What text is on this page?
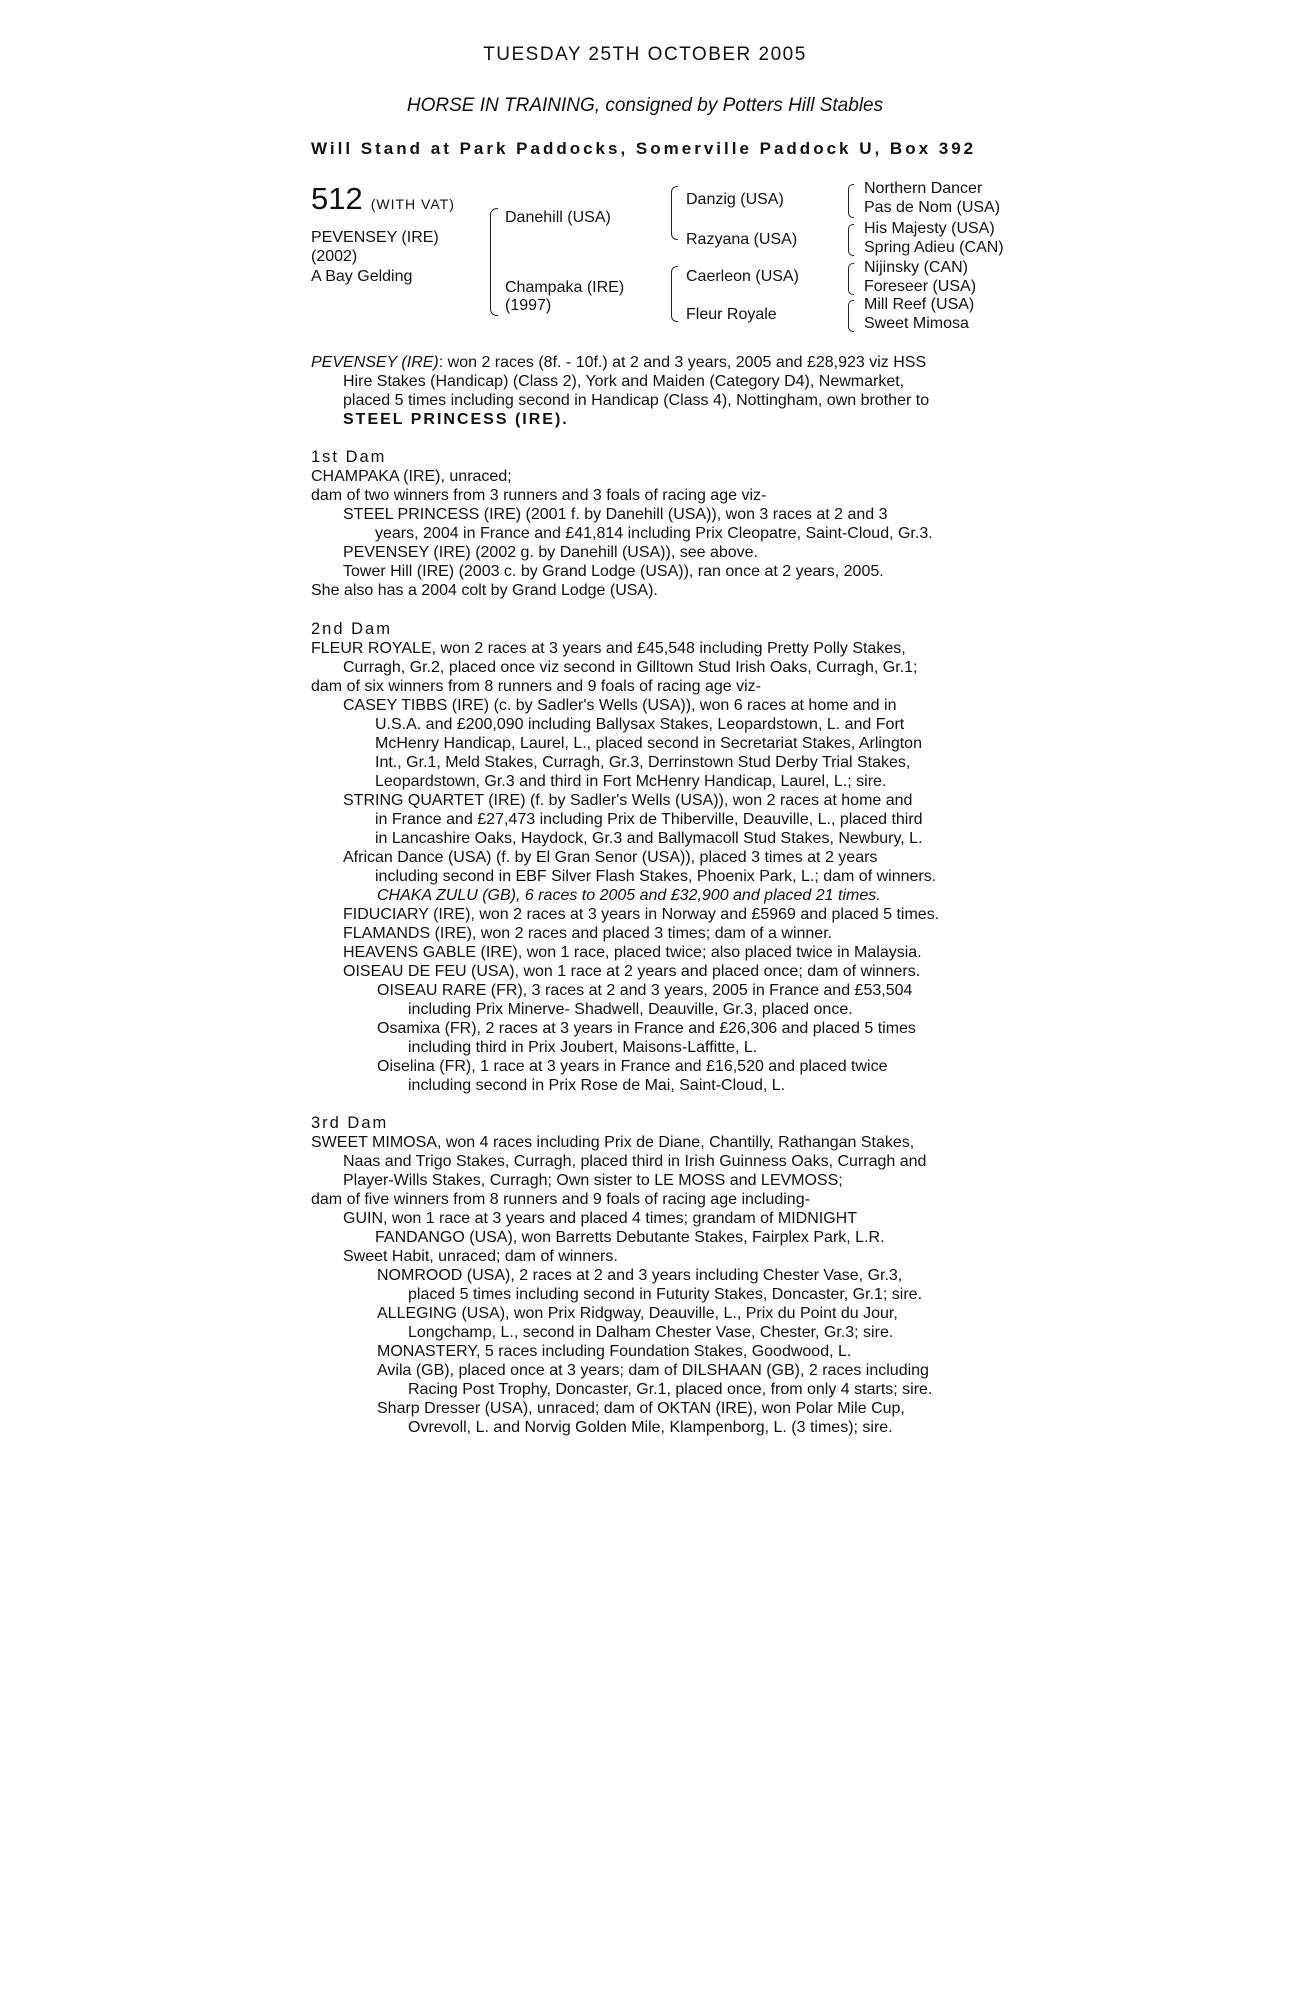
TUESDAY 25TH OCTOBER 2005
HORSE IN TRAINING, consigned by Potters Hill Stables
Will Stand at Park Paddocks, Somerville Paddock U, Box 392
512 (WITH VAT)
PEVENSEY (IRE)
(2002)
A Bay Gelding
Danehill (USA)
Champaka (IRE)
(1997)
Danzig (USA)
Razyana (USA)
Caerleon (USA)
Fleur Royale
Northern Dancer
Pas de Nom (USA)
His Majesty (USA)
Spring Adieu (CAN)
Nijinsky (CAN)
Foreseer (USA)
Mill Reef (USA)
Sweet Mimosa
PEVENSEY (IRE): won 2 races (8f. - 10f.) at 2 and 3 years, 2005 and £28,923 viz HSS
Hire Stakes (Handicap) (Class 2), York and Maiden (Category D4), Newmarket,
placed 5 times including second in Handicap (Class 4), Nottingham, own brother to
STEEL PRINCESS (IRE).
1st Dam
CHAMPAKA (IRE), unraced;
dam of two winners from 3 runners and 3 foals of racing age viz-
STEEL PRINCESS (IRE) (2001 f. by Danehill (USA)), won 3 races at 2 and 3
years, 2004 in France and £41,814 including Prix Cleopatre, Saint-Cloud, Gr.3.
PEVENSEY (IRE) (2002 g. by Danehill (USA)), see above.
Tower Hill (IRE) (2003 c. by Grand Lodge (USA)), ran once at 2 years, 2005.
She also has a 2004 colt by Grand Lodge (USA).
2nd Dam
FLEUR ROYALE, won 2 races at 3 years and £45,548 including Pretty Polly Stakes,
Curragh, Gr.2, placed once viz second in Gilltown Stud Irish Oaks, Curragh, Gr.1;
dam of six winners from 8 runners and 9 foals of racing age viz-
CASEY TIBBS (IRE) (c. by Sadler's Wells (USA)), won 6 races at home and in
U.S.A. and £200,090 including Ballysax Stakes, Leopardstown, L. and Fort
McHenry Handicap, Laurel, L., placed second in Secretariat Stakes, Arlington
Int., Gr.1, Meld Stakes, Curragh, Gr.3, Derrinstown Stud Derby Trial Stakes,
Leopardstown, Gr.3 and third in Fort McHenry Handicap, Laurel, L.; sire.
STRING QUARTET (IRE) (f. by Sadler's Wells (USA)), won 2 races at home and
in France and £27,473 including Prix de Thiberville, Deauville, L., placed third
in Lancashire Oaks, Haydock, Gr.3 and Ballymacoll Stud Stakes, Newbury, L.
African Dance (USA) (f. by El Gran Senor (USA)), placed 3 times at 2 years
including second in EBF Silver Flash Stakes, Phoenix Park, L.; dam of winners.
CHAKA ZULU (GB), 6 races to 2005 and £32,900 and placed 21 times.
FIDUCIARY (IRE), won 2 races at 3 years in Norway and £5969 and placed 5 times.
FLAMANDS (IRE), won 2 races and placed 3 times; dam of a winner.
HEAVENS GABLE (IRE), won 1 race, placed twice; also placed twice in Malaysia.
OISEAU DE FEU (USA), won 1 race at 2 years and placed once; dam of winners.
OISEAU RARE (FR), 3 races at 2 and 3 years, 2005 in France and £53,504
including Prix Minerve- Shadwell, Deauville, Gr.3, placed once.
Osamixa (FR), 2 races at 3 years in France and £26,306 and placed 5 times
including third in Prix Joubert, Maisons-Laffitte, L.
Oiselina (FR), 1 race at 3 years in France and £16,520 and placed twice
including second in Prix Rose de Mai, Saint-Cloud, L.
3rd Dam
SWEET MIMOSA, won 4 races including Prix de Diane, Chantilly, Rathangan Stakes,
Naas and Trigo Stakes, Curragh, placed third in Irish Guinness Oaks, Curragh and
Player-Wills Stakes, Curragh; Own sister to LE MOSS and LEVMOSS;
dam of five winners from 8 runners and 9 foals of racing age including-
GUIN, won 1 race at 3 years and placed 4 times; grandam of MIDNIGHT
FANDANGO (USA), won Barretts Debutante Stakes, Fairplex Park, L.R.
Sweet Habit, unraced; dam of winners.
NOMROOD (USA), 2 races at 2 and 3 years including Chester Vase, Gr.3,
placed 5 times including second in Futurity Stakes, Doncaster, Gr.1; sire.
ALLEGING (USA), won Prix Ridgway, Deauville, L., Prix du Point du Jour,
Longchamp, L., second in Dalham Chester Vase, Chester, Gr.3; sire.
MONASTERY, 5 races including Foundation Stakes, Goodwood, L.
Avila (GB), placed once at 3 years; dam of DILSHAAN (GB), 2 races including
Racing Post Trophy, Doncaster, Gr.1, placed once, from only 4 starts; sire.
Sharp Dresser (USA), unraced; dam of OKTAN (IRE), won Polar Mile Cup,
Ovrevoll, L. and Norvig Golden Mile, Klampenborg, L. (3 times); sire.
